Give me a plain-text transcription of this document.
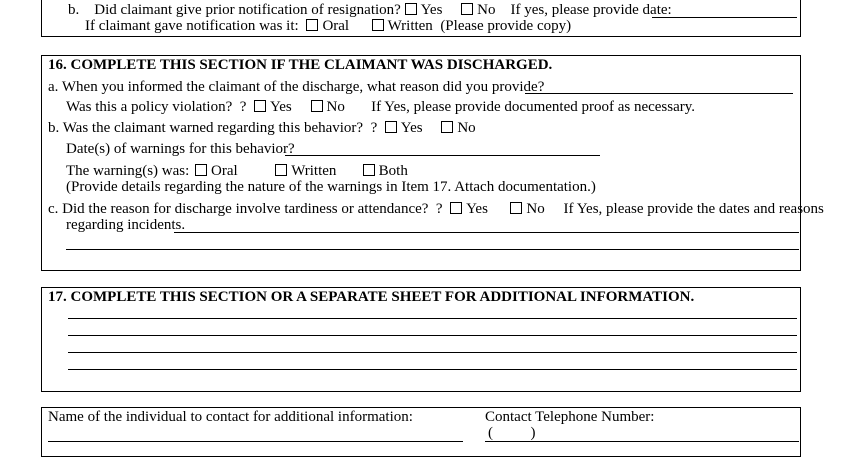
b. Did claimant give prior notification of resignation? Yes No If yes, please provide date:
If claimant gave notification was it: Oral	Written (Please provide copy)
16. COMPLETE THIS SECTION IF THE CLAIMANT WAS DISCHARGED.
a. When you informed the claimant of the discharge, what reason did you provide?
Was this a policy violation? ? Yes No If Yes, please provide documented proof as necessary.
b. Was the claimant warned regarding this behavior? ? Yes No
Date(s) of warnings for this behavior?
The warning(s) was: Oral	Written	Both
(Provide details regarding the nature of the warnings in Item 17. Attach documentation.)
c. Did the reason for discharge involve tardiness or attendance? ? Yes	No If Yes, please provide the dates and reasons
regarding incidents.
17. COMPLETE THIS SECTION OR A SEPARATE SHEET FOR ADDITIONAL INFORMATION.
Name of the individual to contact for additional information:	Contact Telephone Number:
(          )
